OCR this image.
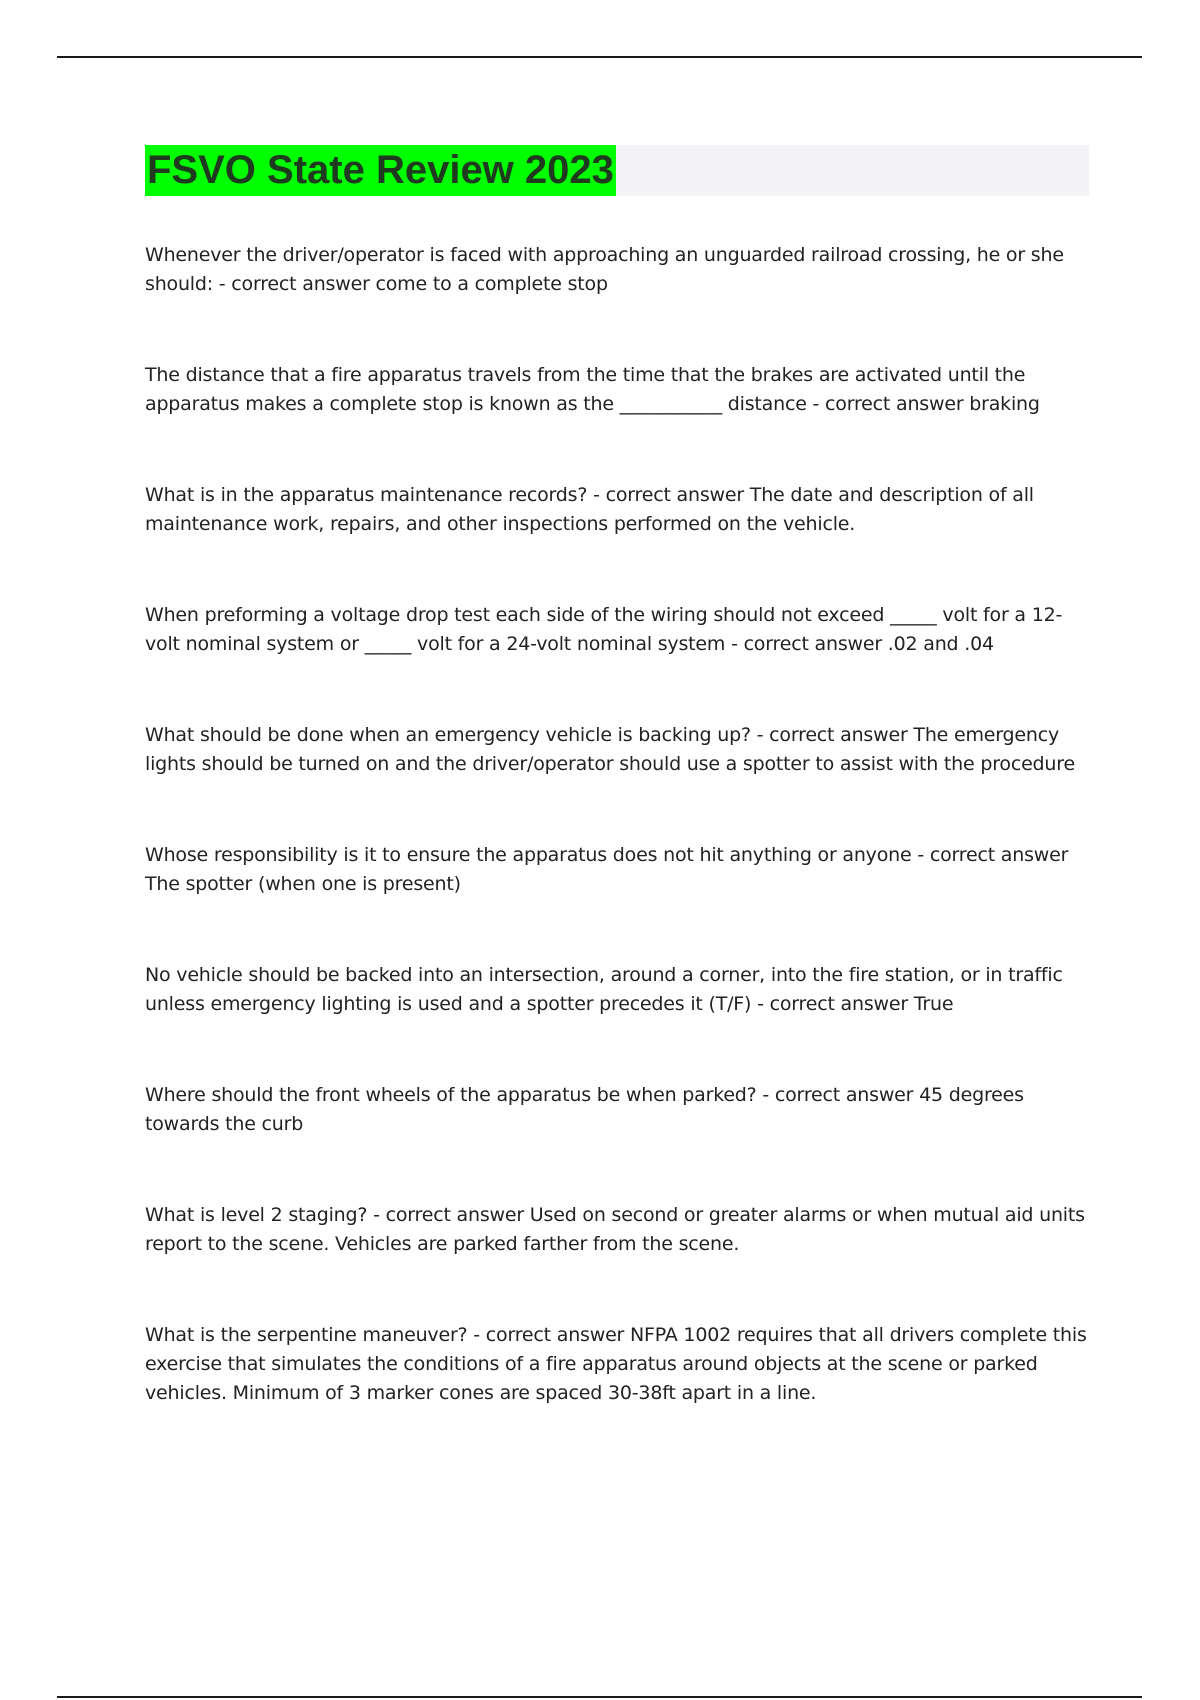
FSVO State Review 2023

Whenever the driver/operator is faced with approaching an unguarded railroad crossing, he or she should: - correct answer come to a complete stop

The distance that a fire apparatus travels from the time that the brakes are activated until the apparatus makes a complete stop is known as the ___________ distance - correct answer braking

What is in the apparatus maintenance records? - correct answer The date and description of all maintenance work, repairs, and other inspections performed on the vehicle.

When preforming a voltage drop test each side of the wiring should not exceed _____ volt for a 12-volt nominal system or _____ volt for a 24-volt nominal system - correct answer .02 and .04

What should be done when an emergency vehicle is backing up? - correct answer The emergency lights should be turned on and the driver/operator should use a spotter to assist with the procedure

Whose responsibility is it to ensure the apparatus does not hit anything or anyone - correct answer The spotter (when one is present)

No vehicle should be backed into an intersection, around a corner, into the fire station, or in traffic unless emergency lighting is used and a spotter precedes it (T/F) - correct answer True

Where should the front wheels of the apparatus be when parked? - correct answer 45 degrees towards the curb

What is level 2 staging? - correct answer Used on second or greater alarms or when mutual aid units report to the scene. Vehicles are parked farther from the scene.

What is the serpentine maneuver? - correct answer NFPA 1002 requires that all drivers complete this exercise that simulates the conditions of a fire apparatus around objects at the scene or parked vehicles. Minimum of 3 marker cones are spaced 30-38ft apart in a line.
